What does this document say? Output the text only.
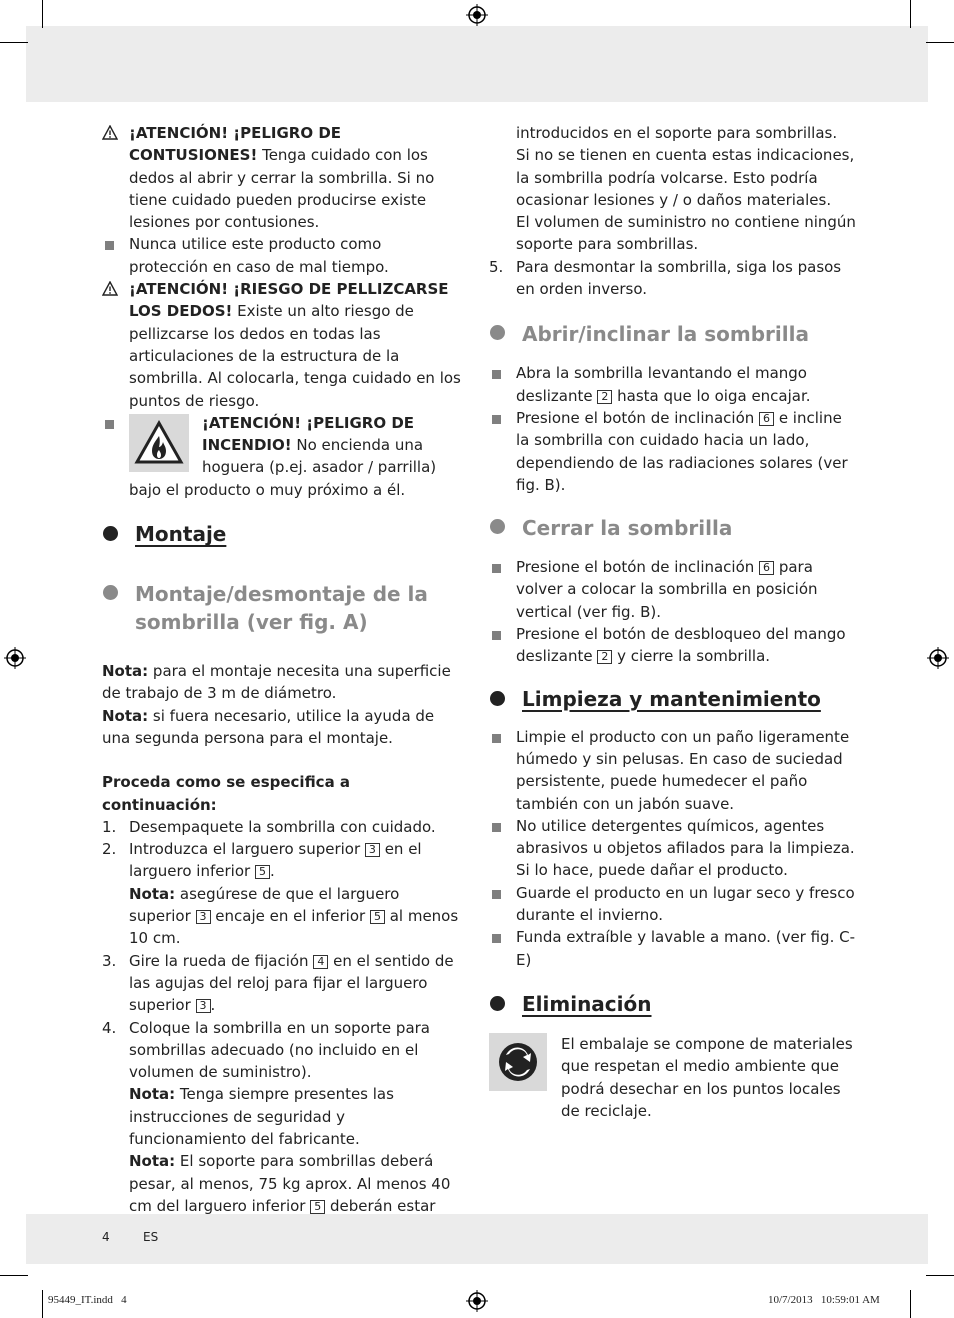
¡ATENCIÓN! ¡PELIGRO DE CONTUSIONES! Tenga cuidado con los dedos al abrir y cerrar la sombrilla. Si no tiene cuidado pueden producirse existe lesiones por contusiones.

Nunca utilice este producto como protección en caso de mal tiempo.

¡ATENCIÓN! ¡RIESGO DE PELLIZCARSE LOS DEDOS! Existe un alto riesgo de pellizcarse los dedos en todas las articulaciones de la estructura de la sombrilla. Al colocarla, tenga cuidado en los puntos de riesgo.

¡ATENCIÓN! ¡PELIGRO DE INCENDIO! No encienda una
hoguera (p.ej. asador / parrilla)

bajo el producto o muy próximo a él.

Montaje
Montaje/desmontaje de la sombrilla (ver fig. A)

Nota: para el montaje necesita una superficie de trabajo de 3 m de diámetro.

Nota: si fuera necesario, utilice la ayuda de una segunda persona para el montaje.

Proceda como se especifica a continuación:

1. Desempaquete la sombrilla con cuidado.

2. Introduzca el larguero superior 3 en el larguero inferior 5 .

Nota: asegúrese de que el larguero superior 3 encaje en el inferior 5 al menos 10 cm.

3. Gire la rueda de fijación 4 en el sentido de las agujas del reloj para fijar el larguero superior 3 .

4. Coloque la sombrilla en un soporte para sombrillas adecuado (no incluido en el volumen de suministro).

Nota: Tenga siempre presentes las instrucciones de seguridad y funcionamiento del fabricante.

Nota: El soporte para sombrillas deberá pesar, al menos, 75 kg aprox. Al menos 40 cm del larguero inferior 5 deberán estar

introducidos en el soporte para sombrillas.

Si no se tienen en cuenta estas indicaciones, la sombrilla podría volcarse. Esto podría ocasionar lesiones y / o daños materiales.

El volumen de suministro no contiene ningún soporte para sombrillas.

5. Para desmontar la sombrilla, siga los pasos en orden inverso.

Abrir/inclinar la sombrilla

Abra la sombrilla levantando el mango deslizante 2 hasta que lo oiga encajar.

Presione el botón de inclinación 6 e incline la sombrilla con cuidado hacia un lado, dependiendo de las radiaciones solares (ver fig. B).

Cerrar la sombrilla

Presione el botón de inclinación 6 para volver a colocar la sombrilla en posición vertical (ver fig. B).

Presione el botón de desbloqueo del mango deslizante 2 y cierre la sombrilla.

Limpieza y mantenimiento

Limpie el producto con un paño ligeramente húmedo y sin pelusas. En caso de suciedad persistente, puede humedecer el paño también con un jabón suave.

No utilice detergentes químicos, agentes abrasivos u objetos afilados para la limpieza. Si lo hace, puede dañar el producto.

Guarde el producto en un lugar seco y fresco durante el invierno.

Funda extraíble y lavable a mano. (ver fig. C-E)

Eliminación

El embalaje se compone de materiales que respetan el medio ambiente que podrá desechar en los puntos locales de reciclaje.

4	ES
95449_IT.indd   4	10/7/2013   10:59:01 AM
